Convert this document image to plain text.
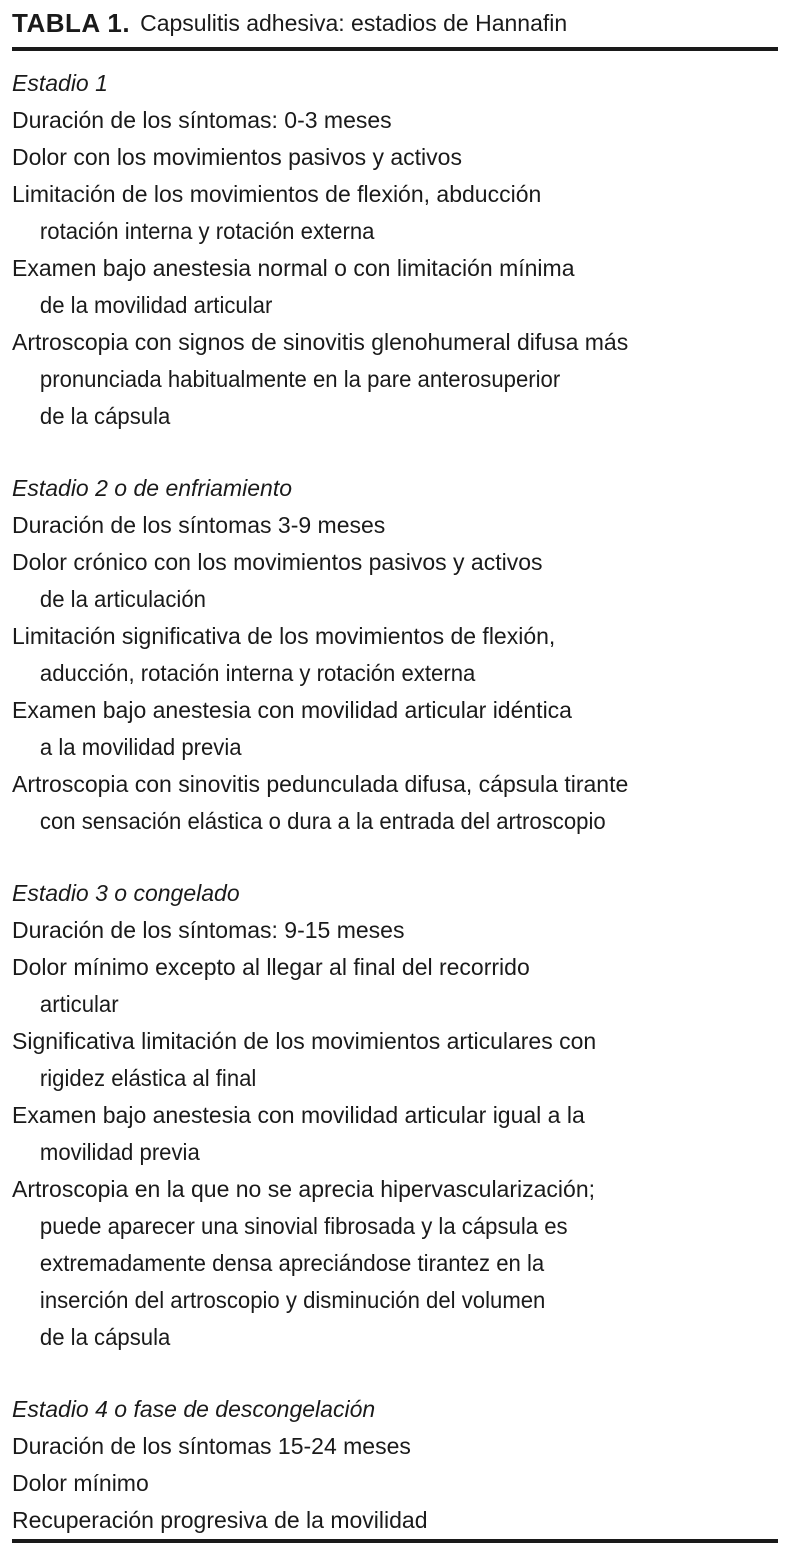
TABLA 1. Capsulitis adhesiva: estadios de Hannafin
Estadio 1
Duración de los síntomas: 0-3 meses
Dolor con los movimientos pasivos y activos
Limitación de los movimientos de flexión, abducción
rotación interna y rotación externa
Examen bajo anestesia normal o con limitación mínima
de la movilidad articular
Artroscopia con signos de sinovitis glenohumeral difusa más
pronunciada habitualmente en la pare anterosuperior
de la cápsula
Estadio 2 o de enfriamiento
Duración de los síntomas 3-9 meses
Dolor crónico con los movimientos pasivos y activos
de la articulación
Limitación significativa de los movimientos de flexión,
aducción, rotación interna y rotación externa
Examen bajo anestesia con movilidad articular idéntica
a la movilidad previa
Artroscopia con sinovitis pedunculada difusa, cápsula tirante
con sensación elástica o dura a la entrada del artroscopio
Estadio 3 o congelado
Duración de los síntomas: 9-15 meses
Dolor mínimo excepto al llegar al final del recorrido
articular
Significativa limitación de los movimientos articulares con
rigidez elástica al final
Examen bajo anestesia con movilidad articular igual a la
movilidad previa
Artroscopia en la que no se aprecia hipervascularización;
puede aparecer una sinovial fibrosada y la cápsula es
extremadamente densa apreciándose tirantez en la
inserción del artroscopio y disminución del volumen
de la cápsula
Estadio 4 o fase de descongelación
Duración de los síntomas 15-24 meses
Dolor mínimo
Recuperación progresiva de la movilidad
